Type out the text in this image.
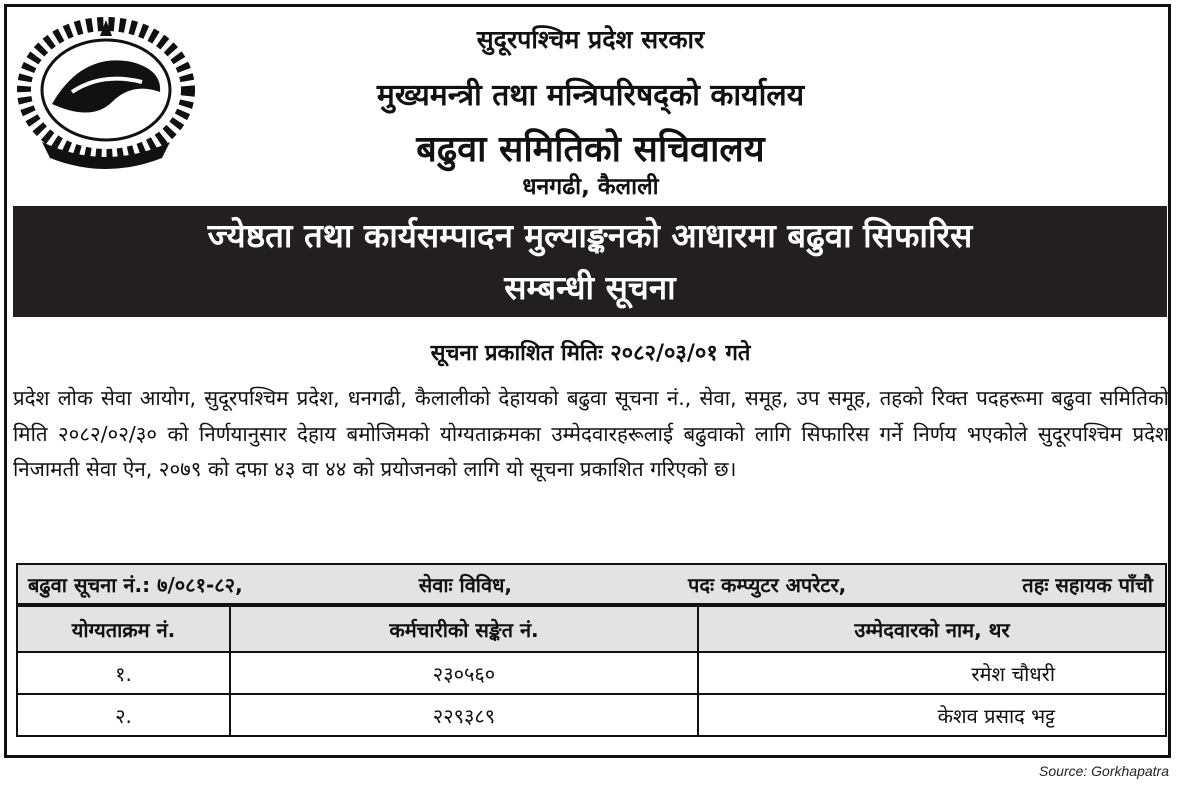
सुदूरपश्चिम प्रदेश सरकार
मुख्यमन्त्री तथा मन्त्रिपरिषद्को कार्यालय
बढुवा समितिको सचिवालय
धनगढी, कैलाली
ज्येष्ठता तथा कार्यसम्पादन मुल्याङ्कनको आधारमा बढुवा सिफारिस
सम्बन्धी सूचना
सूचना प्रकाशित मितिः २०८२/०३/०१ गते
प्रदेश लोक सेवा आयोग, सुदूरपश्चिम प्रदेश, धनगढी, कैलालीको देहायको बढुवा सूचना नं., सेवा, समूह, उप समूह, तहको रिक्त पदहरूमा बढुवा समितिको मिति २०८२/०२/३० को निर्णयानुसार देहाय बमोजिमको योग्यताक्रमका उम्मेदवारहरूलाई बढुवाको लागि सिफारिस गर्ने निर्णय भएकोले सुदूरपश्चिम प्रदेश निजामती सेवा ऐन, २०७९ को दफा ४३ वा ४४ को प्रयोजनको लागि यो सूचना प्रकाशित गरिएको छ।
बढुवा सूचना नं.: ७/०८१-८२,	सेवाः विविध,	पदः कम्प्युटर अपरेटर,	तहः सहायक पाँचौ
योग्यताक्रम नं.	कर्मचारीको सङ्केत नं.	उम्मेदवारको नाम, थर
१.	२३०५६०	रमेश चौधरी
२.	२२९३८९	केशव प्रसाद भट्ट
Source: Gorkhapatra
